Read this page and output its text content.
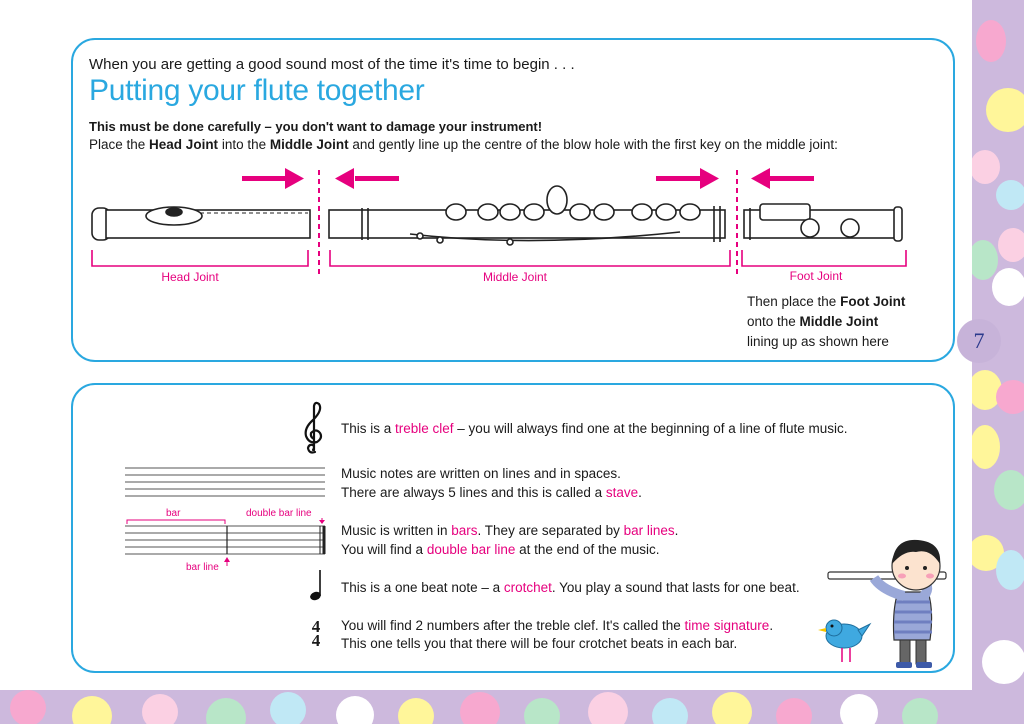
7
When you are getting a good sound most of the time it's time to begin . . .
Putting your flute together
This must be done carefully – you don't want to damage your instrument!
Place the Head Joint into the Middle Joint and gently line up the centre of the blow hole with the first key on the middle joint:
Head Joint	Middle Joint	Foot Joint
Then place the Foot Joint
onto the Middle Joint
lining up as shown here
This is a treble clef – you will always find one at the beginning of a line of flute music.
Music notes are written on lines and in spaces.
There are always 5 lines and this is called a stave.
bar	double bar line
bar line
Music is written in bars. They are separated by bar lines.
You will find a double bar line at the end of the music.
This is a one beat note – a crotchet. You play a sound that lasts for one beat.
4
4
You will find 2 numbers after the treble clef. It's called the time signature.
This one tells you that there will be four crotchet beats in each bar.
